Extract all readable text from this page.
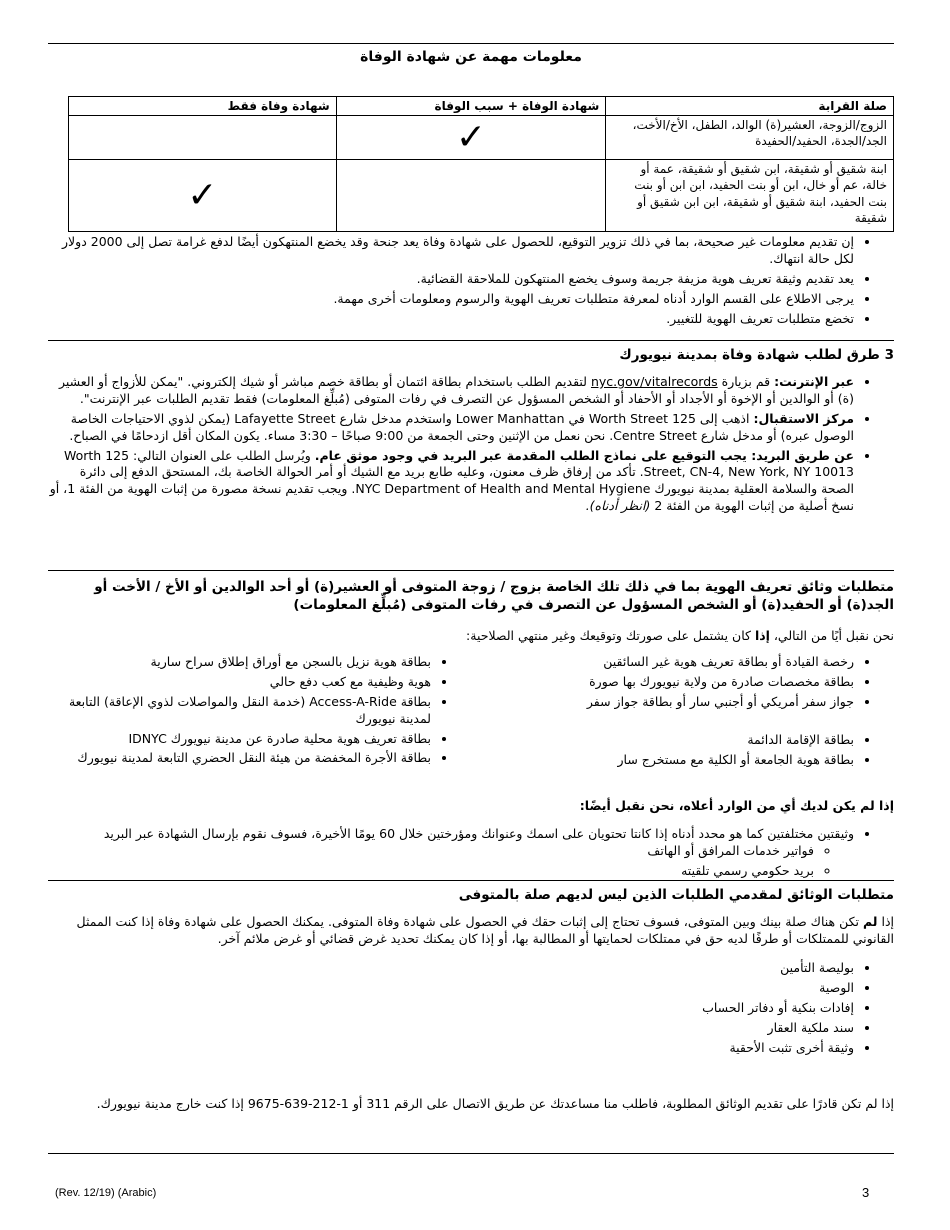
معلومات مهمة عن شهادة الوفاة
صلة القرابة	شهادة الوفاة + سبب الوفاة	شهادة وفاة فقط
الزوج/الزوجة، العشير(ة) الوالد، الطفل، الأخ/الأخت، الجد/الجدة، الحفيد/الحفيدة	✓	
ابنة شقيق أو شقيقة، ابن شقيق أو شقيقة، عمة أو خالة، عم أو خال، ابن أو بنت الحفيد، ابن ابن أو بنت بنت الحفيد، ابنة شقيق أو شقيقة، ابن ابن شقيق أو شقيقة		✓
• إن تقديم معلومات غير صحيحة، بما في ذلك تزوير التوقيع، للحصول على شهادة وفاة يعد جنحة وقد يخضع المنتهكون أيضًا لدفع غرامة تصل إلى 2000 دولار لكل حالة انتهاك.
• يعد تقديم وثيقة تعريف هوية مزيفة جريمة وسوف يخضع المنتهكون للملاحقة القضائية.
• يرجى الاطلاع على القسم الوارد أدناه لمعرفة متطلبات تعريف الهوية والرسوم ومعلومات أخرى مهمة.
• تخضع متطلبات تعريف الهوية للتغيير.
3 طرق لطلب شهادة وفاة بمدينة نيويورك
• عبر الإنترنت: قم بزيارة nyc.gov/vitalrecords لتقديم الطلب باستخدام بطاقة ائتمان أو بطاقة خصم مباشر أو شيك إلكتروني. "يمكن للأزواج أو العشير (ة) أو الوالدين أو الإخوة أو الأجداد أو الأحفاد أو الشخص المسؤول عن التصرف في رفات المتوفى (مُبلِّغ المعلومات) فقط تقديم الطلبات عبر الإنترنت".
• مركز الاستقبال: اذهب إلى 125 Worth Street في Lower Manhattan واستخدم مدخل شارع Lafayette Street (يمكن لذوي الاحتياجات الخاصة الوصول عبره) أو مدخل شارع Centre Street. نحن نعمل من الإثنين وحتى الجمعة من 9:00 صباحًا – 3:30 مساء. يكون المكان أقل ازدحامًا في الصباح.
• عن طريق البريد: يجب التوقيع على نماذج الطلب المقدمة عبر البريد في وجود موثق عام. ويُرسل الطلب على العنوان التالي: 125 Worth Street, CN-4, New York, NY 10013. تأكد من إرفاق ظرف معنون، وعليه طابع بريد مع الشيك أو أمر الحوالة الخاصة بك، المستحق الدفع إلى دائرة الصحة والسلامة العقلية بمدينة نيويورك NYC Department of Health and Mental Hygiene. ويجب تقديم نسخة مصورة من إثبات الهوية من الفئة 1، أو نسخ أصلية من إثبات الهوية من الفئة 2 (انظر أدناه).
متطلبات وثائق تعريف الهوية بما في ذلك تلك الخاصة بزوج / زوجة المتوفى أو العشير(ة) أو أحد الوالدين أو الأخ / الأخت أو الجد(ة) أو الحفيد(ة) أو الشخص المسؤول عن التصرف في رفات المتوفى (مُبلِّغ المعلومات)
نحن نقبل أيًا من التالي، إذا كان يشتمل على صورتك وتوقيعك وغير منتهي الصلاحية:
• رخصة القيادة أو بطاقة تعريف هوية غير السائقين
• بطاقة مخصصات صادرة من ولاية نيويورك بها صورة
• جواز سفر أمريكي أو أجنبي سار أو بطاقة جواز سفر
• بطاقة الإقامة الدائمة
• بطاقة هوية الجامعة أو الكلية مع مستخرج سار
• بطاقة هوية نزيل بالسجن مع أوراق إطلاق سراح سارية
• هوية وظيفية مع كعب دفع حالي
• بطاقة Access-A-Ride (خدمة النقل والمواصلات لذوي الإعاقة) التابعة لمدينة نيويورك
• بطاقة تعريف هوية محلية صادرة عن مدينة نيويورك IDNYC
• بطاقة الأجرة المخفضة من هيئة النقل الحضري التابعة لمدينة نيويورك
إذا لم يكن لديك أي من الوارد أعلاه، نحن نقبل أيضًا:
• وثيقتين مختلفتين كما هو محدد أدناه إذا كانتا تحتويان على اسمك وعنوانك ومؤرختين خلال 60 يومًا الأخيرة، فسوف نقوم بإرسال الشهادة عبر البريد
◦ فواتير خدمات المرافق أو الهاتف
◦ بريد حكومي رسمي تلقيته
متطلبات الوثائق لمقدمي الطلبات الذين ليس لديهم صلة بالمتوفى
إذا لم تكن هناك صلة بينك وبين المتوفى، فسوف تحتاج إلى إثبات حقك في الحصول على شهادة وفاة المتوفى. يمكنك الحصول على شهادة وفاة إذا كنت الممثل القانوني للممتلكات أو طرفًا لديه حق في ممتلكات لحمايتها أو المطالبة بها، أو إذا كان يمكنك تحديد غرض قضائي أو غرض ملائم آخر.
• بوليصة التأمين
• الوصية
• إفادات بنكية أو دفاتر الحساب
• سند ملكية العقار
• وثيقة أخرى تثبت الأحقية
إذا لم تكن قادرًا على تقديم الوثائق المطلوبة، فاطلب منا مساعدتك عن طريق الاتصال على الرقم 311 أو 1-212-639-9675 إذا كنت خارج مدينة نيويورك.
(Rev. 12/19) (Arabic)	3
